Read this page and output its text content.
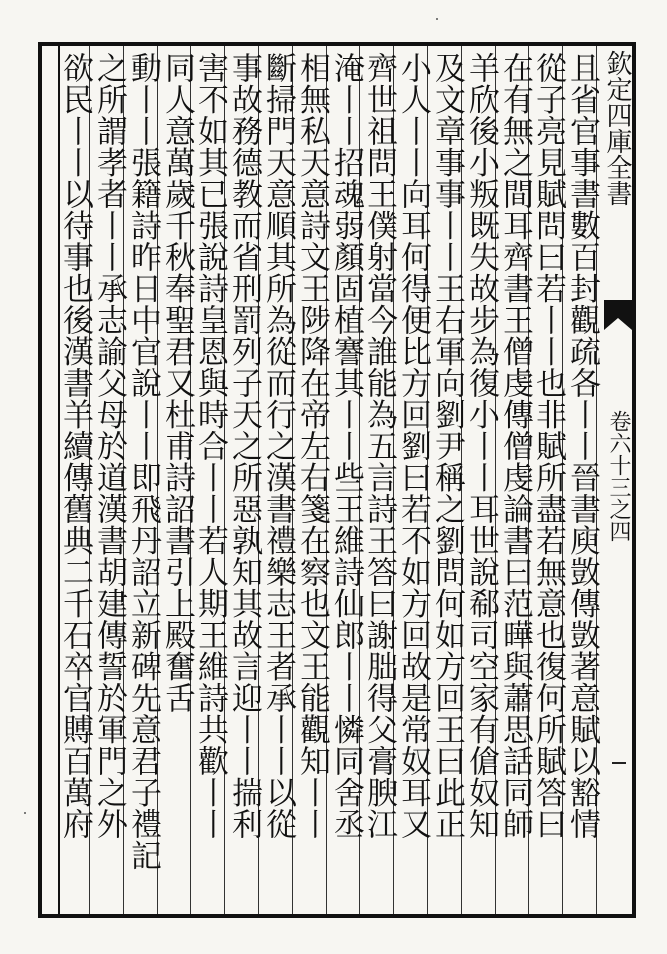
欽定四庫全書
卷六十三之四
且省官事書數百封觀疏各丨丨晉書庾敳傳敳著意賦以豁情
從子亮見賦問曰若丨丨也非賦所盡若無意也復何所賦答曰
在有無之間耳齊書王僧虔傳僧虔論書曰范曄與蕭思話同師
羊欣後小叛既失故步為復小丨丨耳世說郗司空家有傖奴知
及文章事事丨丨王右軍向劉尹稱之劉問何如方回王曰此正
小人丨丨向耳何得便比方回劉曰若不如方回故是常奴耳又
齊世祖問王僕射當今誰能為五言詩王答曰謝朏得父膏腴江
淹丨丨招魂弱顏固植謇其丨丨些王維詩仙郎丨丨憐同舍丞
相無私天意詩文王陟降在帝左右箋在察也文王能觀知丨丨
斷掃門天意順其所為從而行之漢書禮樂志王者承丨丨以從
事故務德教而省刑罰列子天之所惡孰知其故言迎丨丨揣利
害不如其已張說詩皇恩與時合丨丨若人期王維詩共歡丨丨
同人意萬歲千秋奉聖君又杜甫詩詔書引上殿奮舌
動丨丨張籍詩昨日中官說丨丨即飛丹詔立新碑先意君子禮記
之所謂孝者丨丨承志諭父母於道漢書胡建傳誓於軍門之外
欲民丨丨以待事也後漢書羊續傳舊典二千石卒官賻百萬府
